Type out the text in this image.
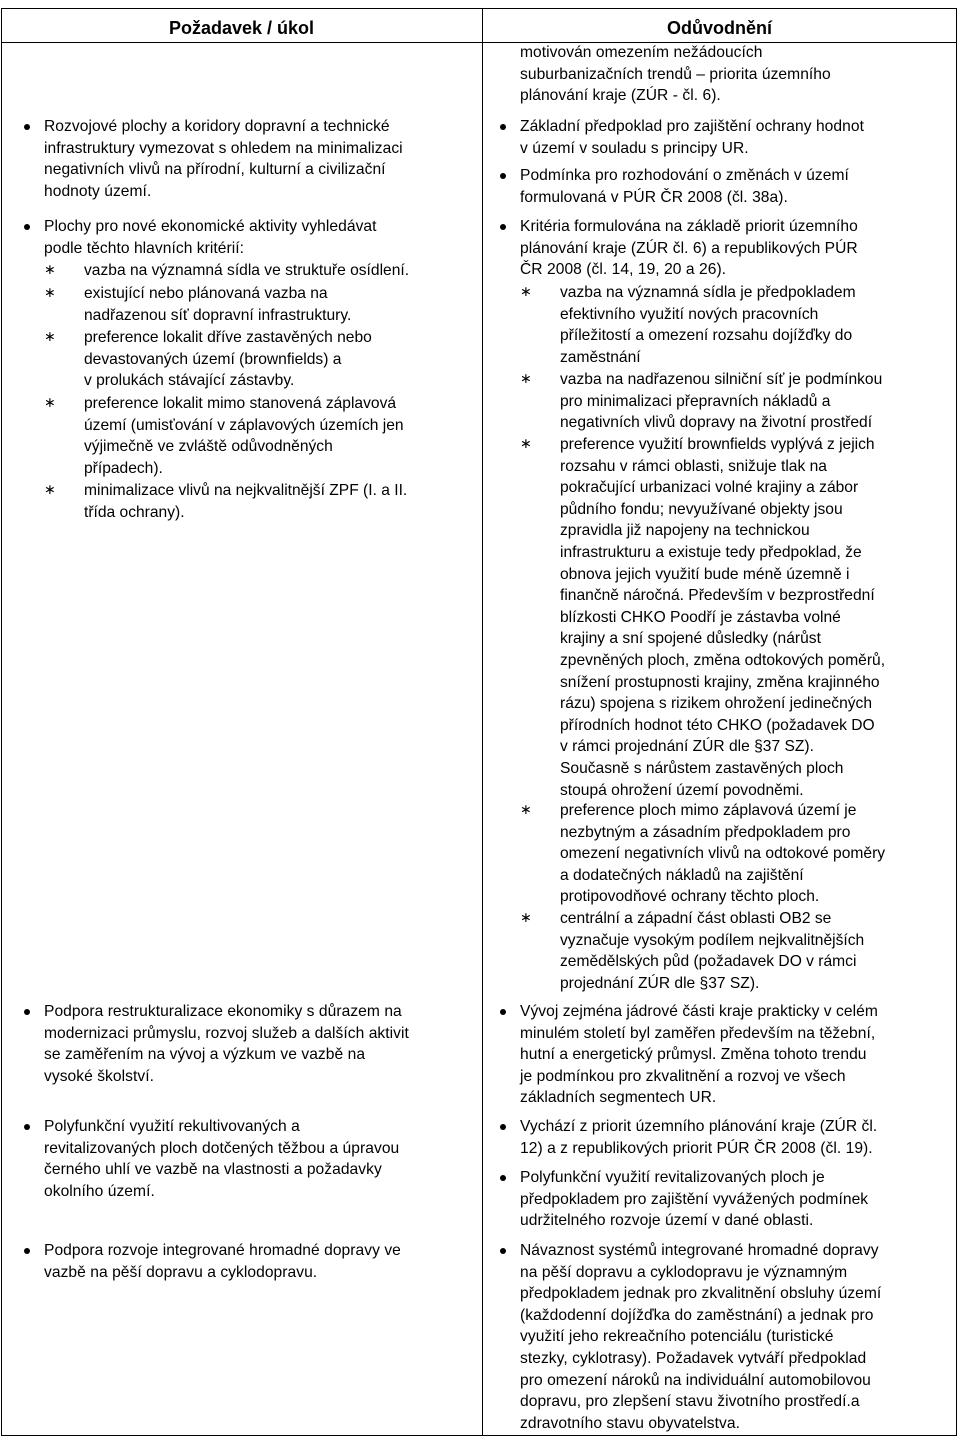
Požadavek / úkol	Odůvodnění
Rozvojové plochy a koridory dopravní a technické
infrastruktury vymezovat s ohledem na minimalizaci
negativních vlivů na přírodní, kulturní a civilizační
hodnoty území.
Plochy pro nové ekonomické aktivity vyhledávat
podle těchto hlavních kritérií:
∗ vazba na významná sídla ve struktuře osídlení.
∗ existující nebo plánovaná vazba na
nadřazenou síť dopravní infrastruktury.
∗ preference lokalit dříve zastavěných nebo
devastovaných území (brownfields) a
v prolukách stávající zástavby.
∗ preference lokalit mimo stanovená záplavová
území (umisťování v záplavových územích jen
výjimečně ve zvláště odůvodněných
případech).
∗ minimalizace vlivů na nejkvalitnější ZPF (I. a II.
třída ochrany).
Podpora restrukturalizace ekonomiky s důrazem na
modernizaci průmyslu, rozvoj služeb a dalších aktivit
se zaměřením na vývoj a výzkum ve vazbě na
vysoké školství.
Polyfunkční využití rekultivovaných a
revitalizovaných ploch dotčených těžbou a úpravou
černého uhlí ve vazbě na vlastnosti a požadavky
okolního území.
Podpora rozvoje integrované hromadné dopravy ve
vazbě na pěší dopravu a cyklodopravu.
motivován omezením nežádoucích
suburbanizačních trendů – priorita územního
plánování kraje (ZÚR - čl. 6).
Základní předpoklad pro zajištění ochrany hodnot
v území v souladu s principy UR.
Podmínka pro rozhodování o změnách v území
formulovaná v PÚR ČR 2008 (čl. 38a).
Kritéria formulována na základě priorit územního
plánování kraje (ZÚR čl. 6) a republikových PÚR
ČR 2008 (čl. 14, 19, 20 a 26).
∗ vazba na významná sídla je předpokladem
efektivního využití nových pracovních
příležitostí a omezení rozsahu dojížďky do
zaměstnání
∗ vazba na nadřazenou silniční síť je podmínkou
pro minimalizaci přepravních nákladů a
negativních vlivů dopravy na životní prostředí
∗ preference využití brownfields vyplývá z jejich
rozsahu v rámci oblasti, snižuje tlak na
pokračující urbanizaci volné krajiny a zábor
půdního fondu; nevyužívané objekty jsou
zpravidla již napojeny na technickou
infrastrukturu a existuje tedy předpoklad, že
obnova jejich využití bude méně územně i
finančně náročná. Především v bezprostřední
blízkosti CHKO Poodří je zástavba volné
krajiny a sní spojené důsledky (nárůst
zpevněných ploch, změna odtokových poměrů,
snížení prostupnosti krajiny, změna krajinného
rázu) spojena s rizikem ohrožení jedinečných
přírodních hodnot této CHKO (požadavek DO
v rámci projednání ZÚR dle §37 SZ).
Současně s nárůstem zastavěných ploch
stoupá ohrožení území povodněmi.
∗ preference ploch mimo záplavová území je
nezbytným a zásadním předpokladem pro
omezení negativních vlivů na odtokové poměry
a dodatečných nákladů na zajištění
protipovodňové ochrany těchto ploch.
∗ centrální a západní část oblasti OB2 se
vyznačuje vysokým podílem nejkvalitnějších
zemědělských půd (požadavek DO v rámci
projednání ZÚR dle §37 SZ).
Vývoj zejména jádrové části kraje prakticky v celém
minulém století byl zaměřen především na těžební,
hutní a energetický průmysl. Změna tohoto trendu
je podmínkou pro zkvalitnění a rozvoj ve všech
základních segmentech UR.
Vychází z priorit územního plánování kraje (ZÚR čl.
12) a z republikových priorit PÚR ČR 2008 (čl. 19).
Polyfunkční využití revitalizovaných ploch je
předpokladem pro zajištění vyvážených podmínek
udržitelného rozvoje území v dané oblasti.
Návaznost systémů integrované hromadné dopravy
na pěší dopravu a cyklodopravu je významným
předpokladem jednak pro zkvalitnění obsluhy území
(každodenní dojížďka do zaměstnání) a jednak pro
využití jeho rekreačního potenciálu (turistické
stezky, cyklotrasy). Požadavek vytváří předpoklad
pro omezení nároků na individuální automobilovou
dopravu, pro zlepšení stavu životního prostředí.a
zdravotního stavu obyvatelstva.
